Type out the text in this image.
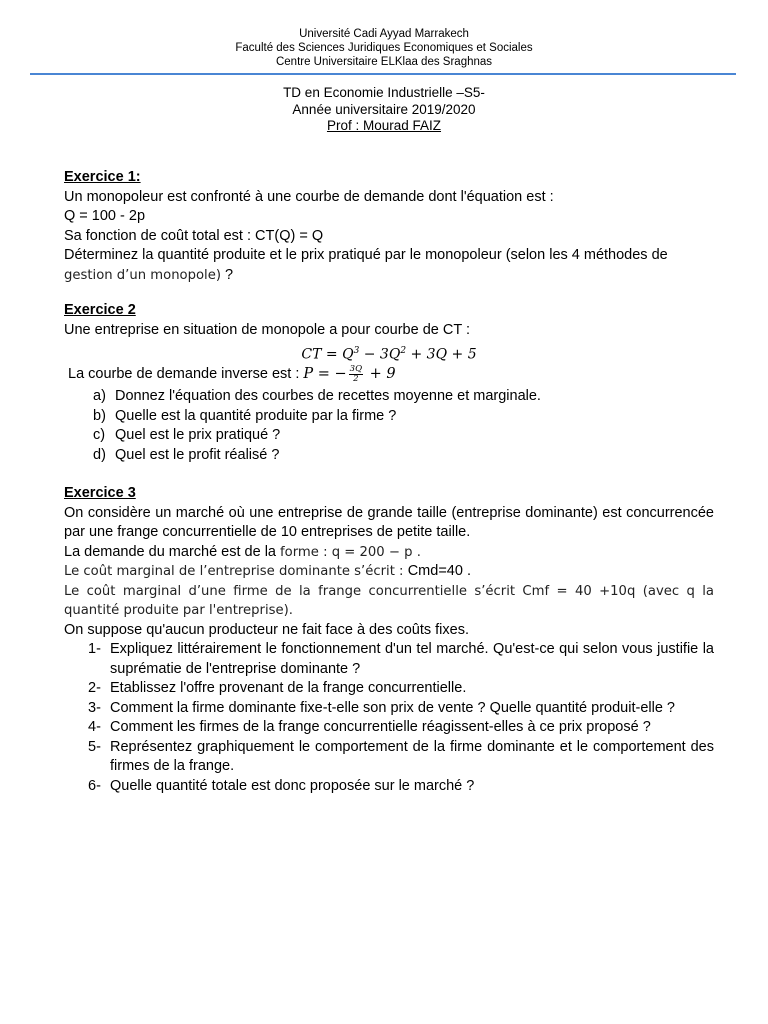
Université Cadi Ayyad Marrakech
Faculté des Sciences Juridiques Economiques et Sociales
Centre Universitaire ELKlaa des Sraghnas
TD en Economie Industrielle –S5-
Année universitaire 2019/2020
Prof : Mourad FAIZ
Exercice 1:
Un monopoleur est confronté à une courbe de demande dont l'équation est :
Q = 100 - 2p
Sa fonction de coût total est : CT(Q) = Q
Déterminez la quantité produite et le prix pratiqué par le monopoleur (selon les 4 méthodes de
gestion d’un monopole) ?
Exercice 2
Une entreprise en situation de monopole a pour courbe de CT :
CT = $Q^3 - 3Q^2 + 3Q + 5$
La courbe de demande inverse est : P = − $\frac{3Q}{2} + 9$
a) Donnez l'équation des courbes de recettes moyenne et marginale.
b) Quelle est la quantité produite par la firme ?
c) Quel est le prix pratiqué ?
d) Quel est le profit réalisé ?
Exercice 3
On considère un marché où une entreprise de grande taille (entreprise dominante) est concurrencée par une frange concurrentielle de 10 entreprises de petite taille.
La demande du marché est de la forme : q = 200 − p .
Le coût marginal de l’entreprise dominante s’écrit : Cmd=40 .
Le coût marginal d’une firme de la frange concurrentielle s’écrit Cmf = 40 +10q (avec q la quantité produite par l'entreprise).
On suppose qu'aucun producteur ne fait face à des coûts fixes.
1- Expliquez littérairement le fonctionnement d'un tel marché. Qu'est-ce qui selon vous justifie la suprématie de l'entreprise dominante ?
2- Etablissez l'offre provenant de la frange concurrentielle.
3- Comment la firme dominante fixe-t-elle son prix de vente ? Quelle quantité produit-elle ?
4- Comment les firmes de la frange concurrentielle réagissent-elles à ce prix proposé ?
5- Représentez graphiquement le comportement de la firme dominante et le comportement des firmes de la frange.
6- Quelle quantité totale est donc proposée sur le marché ?
